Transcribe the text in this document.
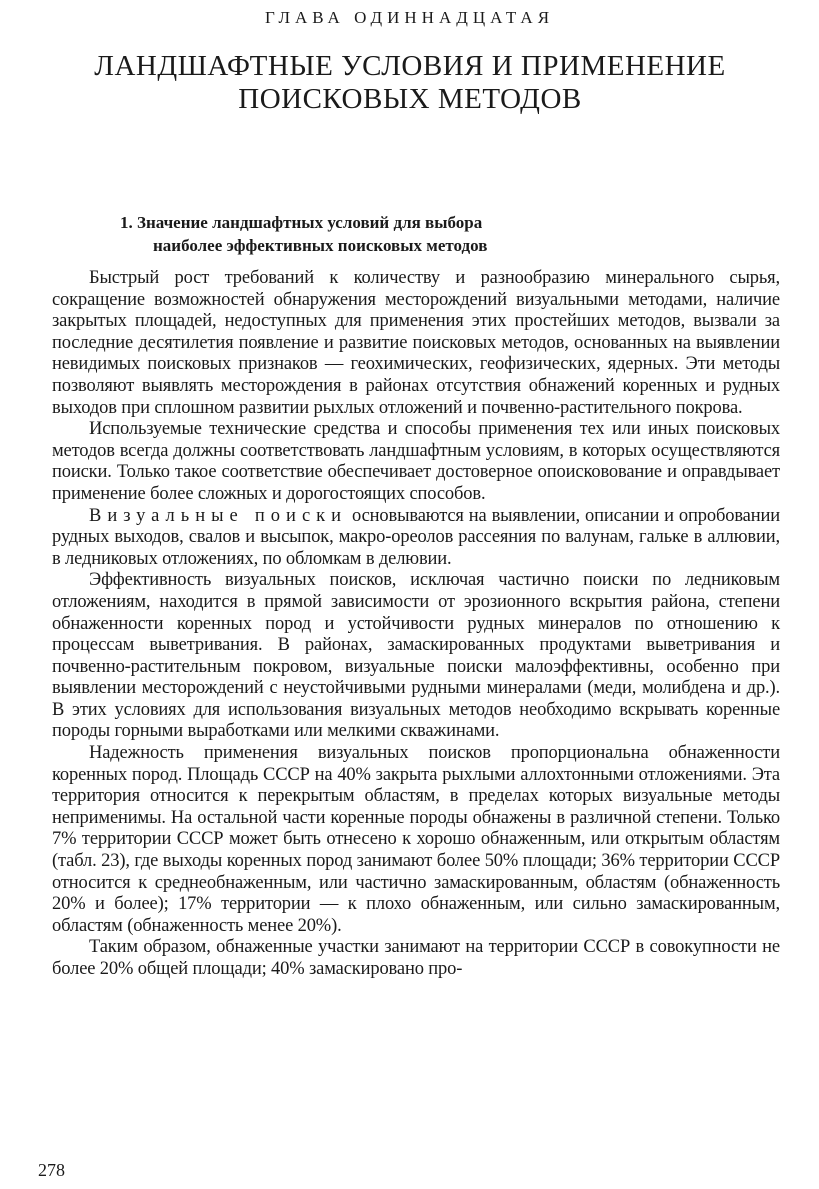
ГЛАВА ОДИННАДЦАТАЯ
ЛАНДШАФТНЫЕ УСЛОВИЯ И ПРИМЕНЕНИЕ
ПОИСКОВЫХ МЕТОДОВ
1. Значение ландшафтных условий для выбора
наиболее эффективных поисковых методов

Быстрый рост требований к количеству и разнообразию минерального сырья, сокращение возможностей обнаружения месторождений визуальными методами, наличие закрытых площадей, недоступных для применения этих простейших методов, вызвали за последние десятилетия появление и развитие поисковых методов, основанных на выявлении невидимых поисковых признаков — геохимических, геофизических, ядерных. Эти методы позволяют выявлять месторождения в районах отсутствия обнажений коренных и рудных выходов при сплошном развитии рыхлых отложений и почвенно-растительного покрова.

Используемые технические средства и способы применения тех или иных поисковых методов всегда должны соответствовать ландшафтным условиям, в которых осуществляются поиски. Только такое соответствие обеспечивает достоверное опоисковование и оправдывает применение более сложных и дорогостоящих способов.

Визуальные поиски основываются на выявлении, описании и опробовании рудных выходов, свалов и высыпок, макро-ореолов рассеяния по валунам, гальке в аллювии, в ледниковых отложениях, по обломкам в делювии.

Эффективность визуальных поисков, исключая частично поиски по ледниковым отложениям, находится в прямой зависимости от эрозионного вскрытия района, степени обнаженности коренных пород и устойчивости рудных минералов по отношению к процессам выветривания. В районах, замаскированных продуктами выветривания и почвенно-растительным покровом, визуальные поиски малоэффективны, особенно при выявлении месторождений с неустойчивыми рудными минералами (меди, молибдена и др.). В этих условиях для использования визуальных методов необходимо вскрывать коренные породы горными выработками или мелкими скважинами.

Надежность применения визуальных поисков пропорциональна обнаженности коренных пород. Площадь СССР на 40% закрыта рыхлыми аллохтонными отложениями. Эта территория относится к перекрытым областям, в пределах которых визуальные методы неприменимы. На остальной части коренные породы обнажены в различной степени. Только 7% территории СССР может быть отнесено к хорошо обнаженным, или открытым областям (табл. 23), где выходы коренных пород занимают более 50% площади; 36% территории СССР относится к среднеобнаженным, или частично замаскированным, областям (обнаженность 20% и более); 17% территории — к плохо обнаженным, или сильно замаскированным, областям (обнаженность менее 20%).

Таким образом, обнаженные участки занимают на территории СССР в совокупности не более 20% общей площади; 40% замаскировано про-

278
